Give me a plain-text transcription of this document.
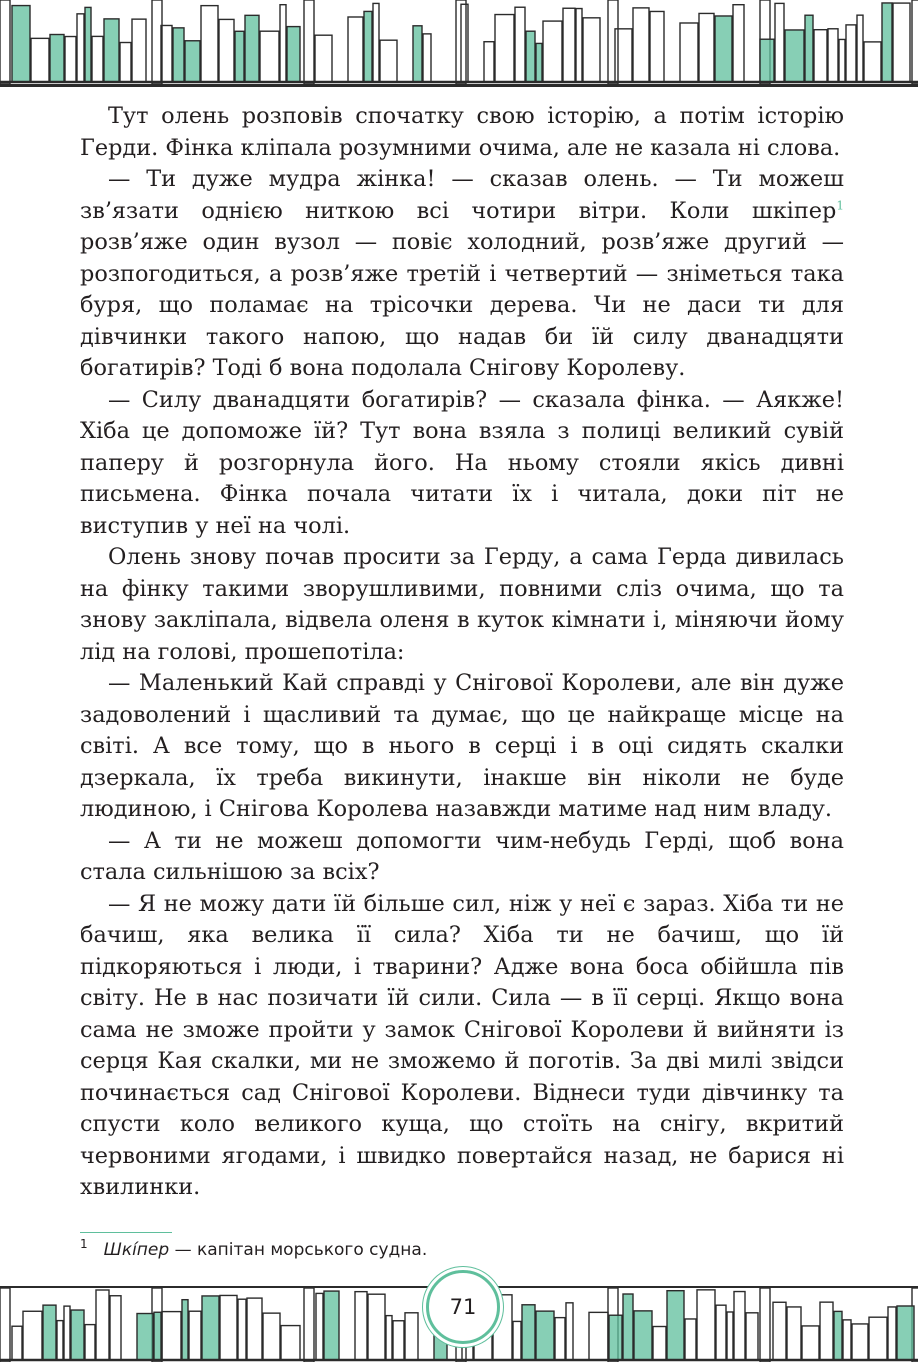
Тут олень розповів спочатку свою історію, а потім історію Герди. Фінка кліпала розумними очима, але не казала ні слова.

— Ти дуже мудра жінка! — сказав олень. — Ти можеш зв’язати однією ниткою всі чотири вітри. Коли шкіпер$^1$ розв’яже один вузол — повіє холодний, розв’яже другий — розпогодиться, а розв’яже третій і четвертий — зніметься така буря, що поламає на трісочки дерева. Чи не даси ти для дівчинки такого напою, що надав би їй силу дванадцяти богатирів? Тоді б вона подолала Снігову Королеву.

— Силу дванадцяти богатирів? — сказала фінка. — Аякже! Хіба це допоможе їй? Тут вона взяла з полиці великий сувій паперу й розгорнула його. На ньому стояли якісь дивні письмена. Фінка почала читати їх і читала, доки піт не виступив у неї на чолі.

Олень знову почав просити за Герду, а сама Герда дивилась на фінку такими зворушливими, повними сліз очима, що та знову закліпала, відвела оленя в куток кімнати і, міняючи йому лід на голові, прошепотіла:

— Маленький Кай справді у Снігової Королеви, але він дуже задоволений і щасливий та думає, що це найкраще місце на світі. А все тому, що в нього в серці і в оці сидять скалки дзеркала, їх треба викинути, інакше він ніколи не буде людиною, і Снігова Королева назавжди матиме над ним владу.

— А ти не можеш допомогти чим-небудь Герді, щоб вона стала сильнішою за всіх?

— Я не можу дати їй більше сил, ніж у неї є зараз. Хіба ти не бачиш, яка велика її сила? Хіба ти не бачиш, що їй підкоряються і люди, і тварини? Адже вона боса обійшла пів світу. Не в нас позичати їй сили. Сила — в її серці. Якщо вона сама не зможе пройти у замок Снігової Королеви й вийняти із серця Кая скалки, ми не зможемо й поготів. За дві милі звідси починається сад Снігової Королеви. Віднеси туди дівчинку та спусти коло великого куща, що стоїть на снігу, вкритий червоними ягодами, і швидко повертайся назад, не барися ні хвилинки.

$^1$ Шкі́пер — капітан морського судна.
71
